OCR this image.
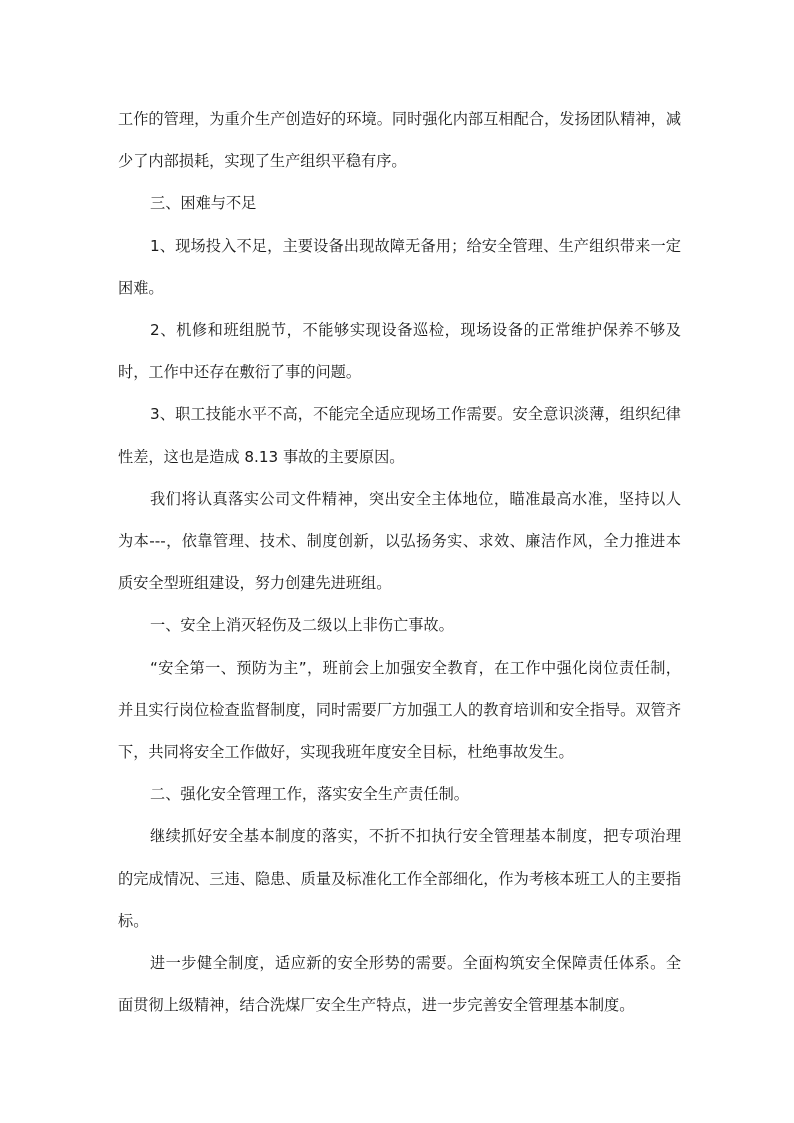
工作的管理，为重介生产创造好的环境。同时强化内部互相配合，发扬团队精神，减少了内部损耗，实现了生产组织平稳有序。

三、困难与不足

1、现场投入不足，主要设备出现故障无备用；给安全管理、生产组织带来一定困难。

2、机修和班组脱节，不能够实现设备巡检，现场设备的正常维护保养不够及时，工作中还存在敷衍了事的问题。

3、职工技能水平不高，不能完全适应现场工作需要。安全意识淡薄，组织纪律性差，这也是造成 8.13 事故的主要原因。

我们将认真落实公司文件精神，突出安全主体地位，瞄准最高水准，坚持以人为本---，依靠管理、技术、制度创新，以弘扬务实、求效、廉洁作风，全力推进本质安全型班组建设，努力创建先进班组。

一、安全上消灭轻伤及二级以上非伤亡事故。

“安全第一、预防为主”，班前会上加强安全教育，在工作中强化岗位责任制，并且实行岗位检查监督制度，同时需要厂方加强工人的教育培训和安全指导。双管齐下，共同将安全工作做好，实现我班年度安全目标，杜绝事故发生。

二、强化安全管理工作，落实安全生产责任制。

继续抓好安全基本制度的落实，不折不扣执行安全管理基本制度，把专项治理的完成情况、三违、隐患、质量及标准化工作全部细化，作为考核本班工人的主要指标。

进一步健全制度，适应新的安全形势的需要。全面构筑安全保障责任体系。全面贯彻上级精神，结合洗煤厂安全生产特点，进一步完善安全管理基本制度。
